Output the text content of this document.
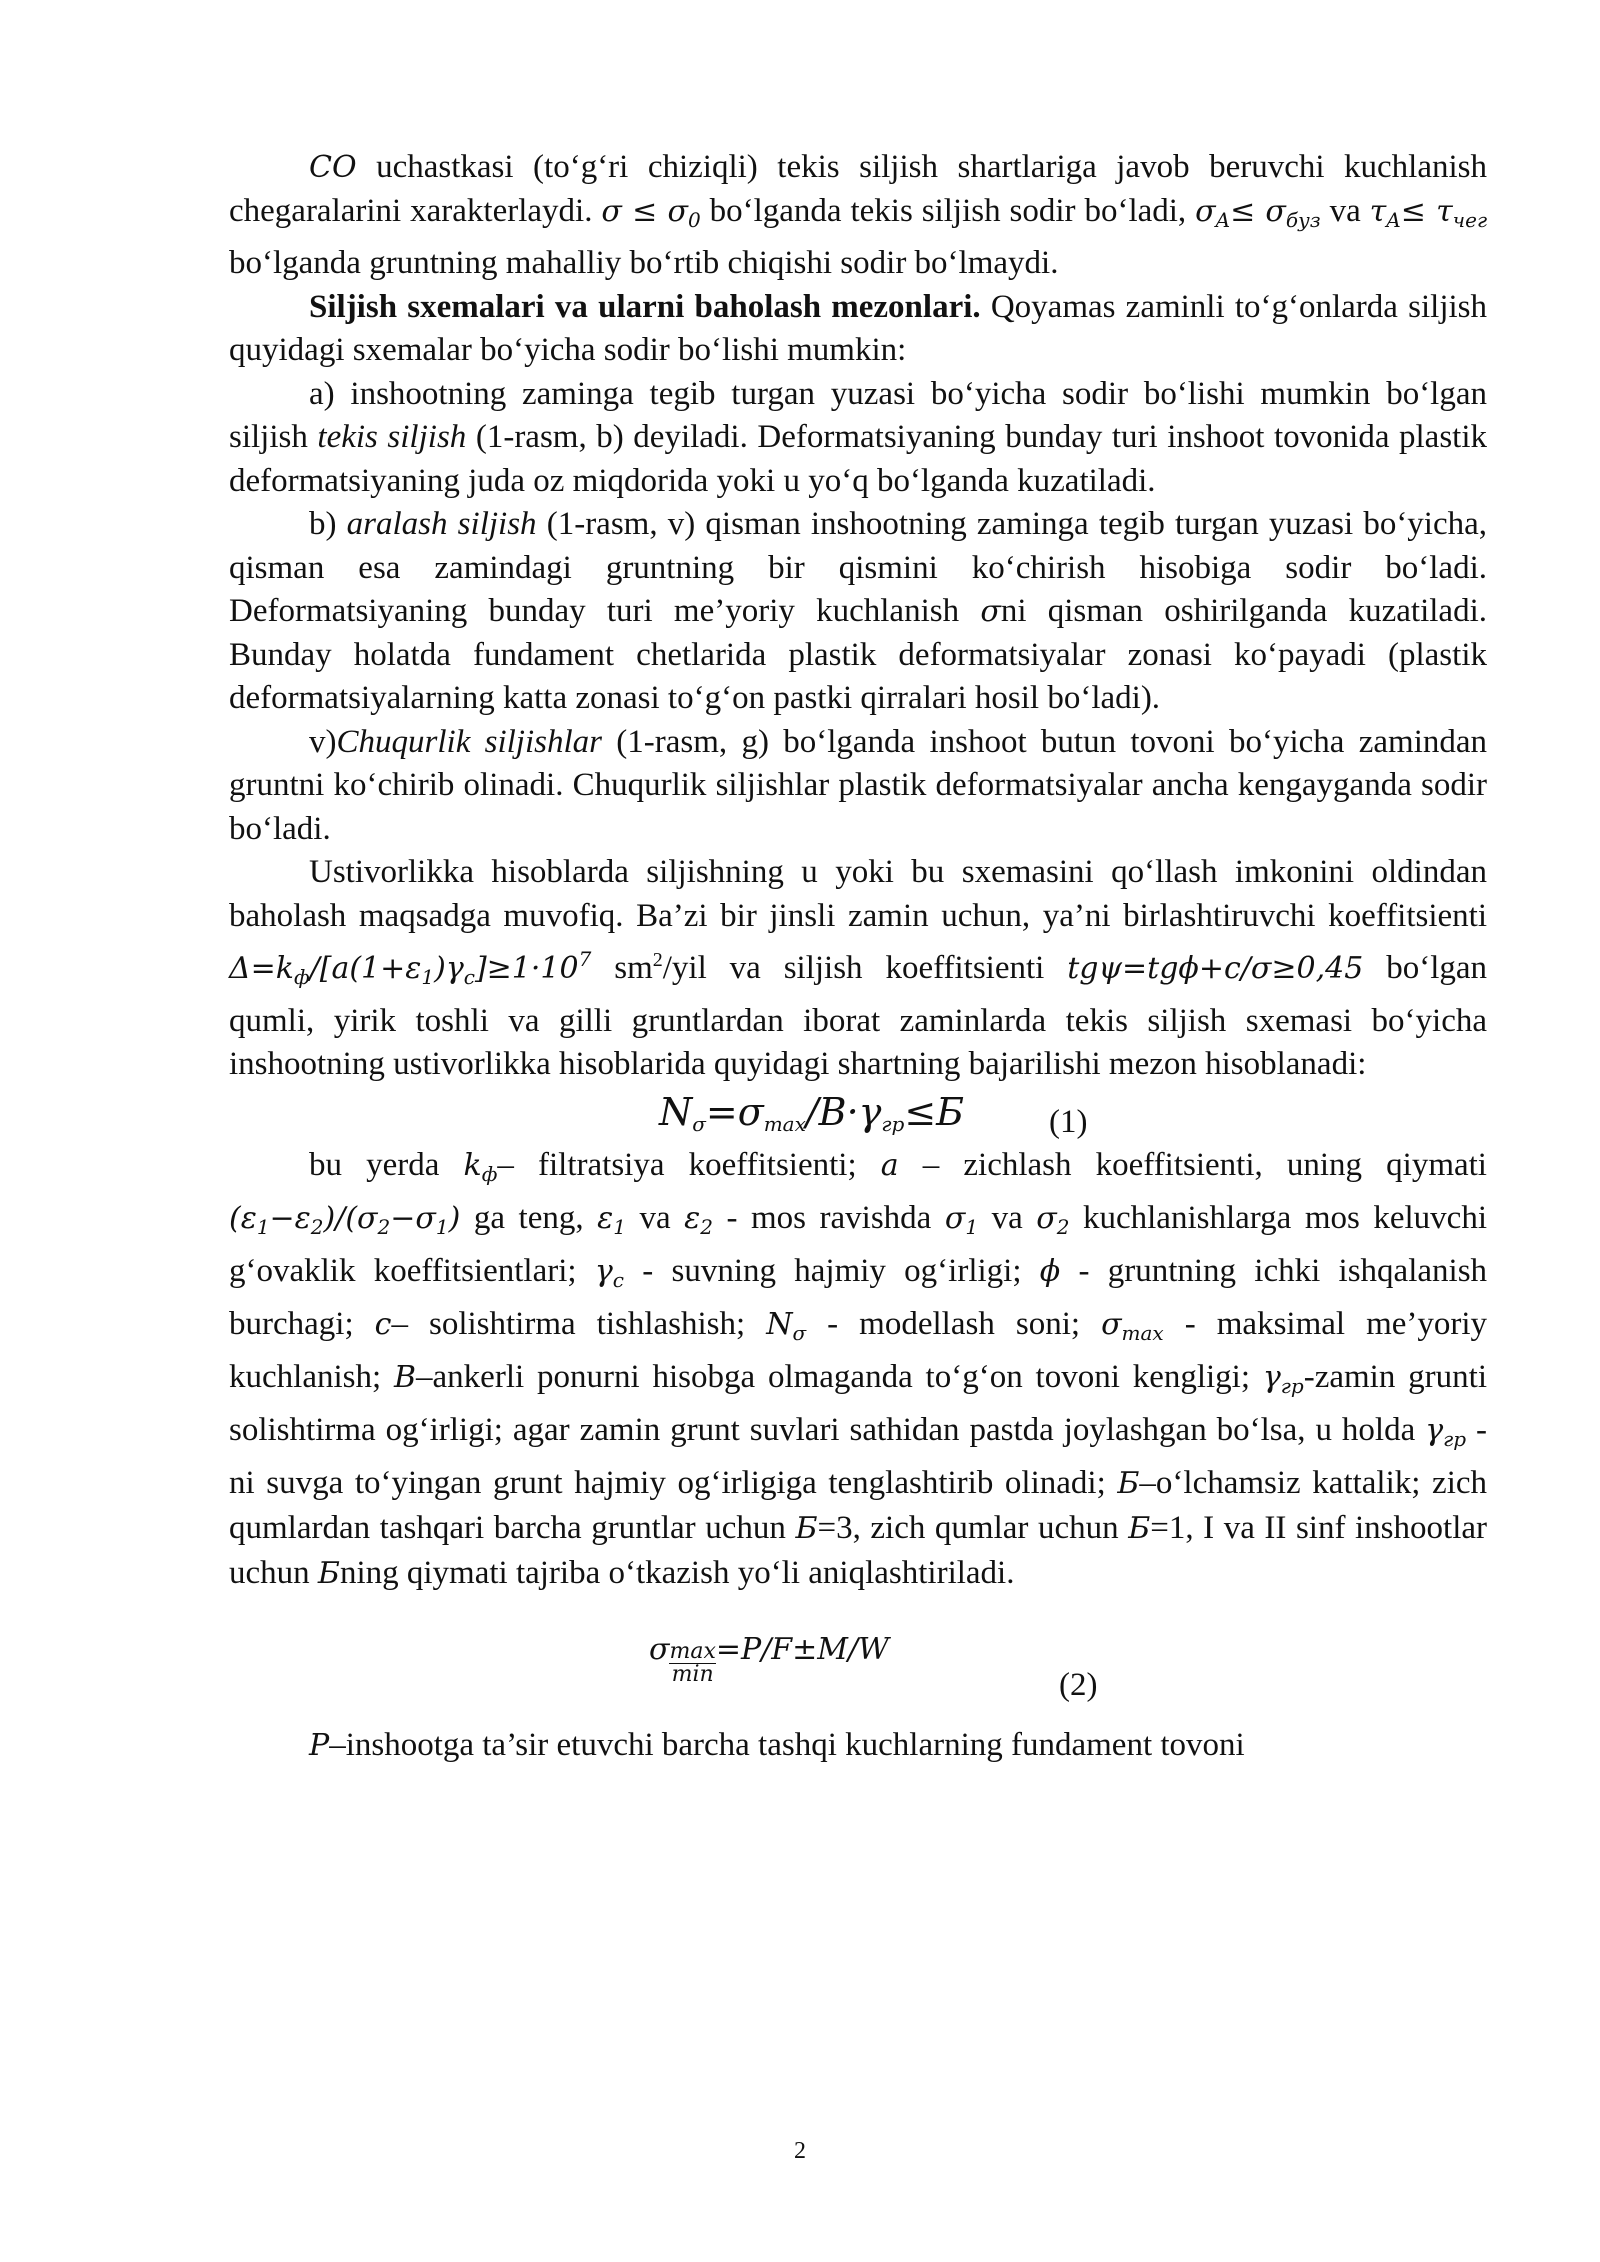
CO uchastkasi (to‘g‘ri chiziqli) tekis siljish shartlariga javob beruvchi kuchlanish chegaralarini xarakterlaydi. $\sigma \le \sigma_0$ bo‘lganda tekis siljish sodir bo‘ladi, $\sigma_A\le \sigma_{буз}$ va $\tau_A\le \tau_{чег}$ bo‘lganda gruntning mahalliy bo‘rtib chiqishi sodir bo‘lmaydi.

Siljish sxemalari va ularni baholash mezonlari. Qoyamas zaminli to‘g‘onlarda siljish quyidagi sxemalar bo‘yicha sodir bo‘lishi mumkin:

a) inshootning zaminga tegib turgan yuzasi bo‘yicha sodir bo‘lishi mumkin bo‘lgan siljish tekis siljish (1-rasm, b) deyiladi. Deformatsiyaning bunday turi inshoot tovonida plastik deformatsiyaning juda oz miqdorida yoki u yo‘q bo‘lganda kuzatiladi.

b) aralash siljish (1-rasm, v) qisman inshootning zaminga tegib turgan yuzasi bo‘yicha, qisman esa zamindagi gruntning bir qismini ko‘chirish hisobiga sodir bo‘ladi. Deformatsiyaning bunday turi me’yoriy kuchlanish σni qisman oshirilganda kuzatiladi. Bunday holatda fundament chetlarida plastik deformatsiyalar zonasi ko‘payadi (plastik deformatsiyalarning katta zonasi to‘g‘on pastki qirralari hosil bo‘ladi).

v)Chuqurlik siljishlar (1-rasm, g) bo‘lganda inshoot butun tovoni bo‘yicha zamindan gruntni ko‘chirib olinadi. Chuqurlik siljishlar plastik deformatsiyalar ancha kengayganda sodir bo‘ladi.

Ustivorlikka hisoblarda siljishning u yoki bu sxemasini qo‘llash imkonini oldindan baholash maqsadga muvofiq. Ba’zi bir jinsli zamin uchun, ya’ni birlashtiruvchi koeffitsienti $\Delta=k_ф/[a(1+\varepsilon_1)\gamma_c]\ge 1\cdot 10^7$ $sm^2$/yil va siljish koeffitsienti tgψ=tgϕ+c/σ≥0,45 bo‘lgan qumli, yirik toshli va gilli gruntlardan iborat zaminlarda tekis siljish sxemasi bo‘yicha inshootning ustivorlikka hisoblarida quyidagi shartning bajarilishi mezon hisoblanadi:

$N_\sigma=\sigma\max/B\cdot\gamma_{гр}\le Б$	(1)

bu yerda $k_ф-$ filtratsiya koeffitsienti; a – zichlash koeffitsienti, uning qiymati $(\varepsilon_1-\varepsilon_2)/(\sigma_2-\sigma_1)$ ga teng, $\varepsilon_1$ va $\varepsilon_2$ - mos ravishda $\sigma_1$ va $\sigma_2$ kuchlanishlarga mos keluvchi g‘ovaklik koeffitsientlari; $\gamma_c$ - suvning hajmiy og‘irligi; ϕ - gruntning ichki ishqalanish burchagi; c– solishtirma tishlashish; $N_\sigma$ - modellash soni; $\sigma_{max}$ - maksimal me’yoriy kuchlanish; B–ankerli ponurni hisobga olmaganda to‘g‘on tovoni kengligi; $\gamma_{гр}$-zamin grunti solishtirma og‘irligi; agar zamin grunt suvlari sathidan pastda joylashgan bo‘lsa, u holda $\gamma_{гр}$ - ni suvga to‘yingan grunt hajmiy og‘irligiga tenglashtirib olinadi; Б–o‘lchamsiz kattalik; zich qumlardan tashqari barcha gruntlar uchun Б=3, zich qumlar uchun Б=1, I va II sinf inshootlar uchun Бning qiymati tajriba o‘tkazish yo‘li aniqlashtiriladi.

σ $\frac{\max}{\min} =P/F\pm M/W$
(2)

P–inshootga ta’sir etuvchi barcha tashqi kuchlarning fundament tovoni

2
